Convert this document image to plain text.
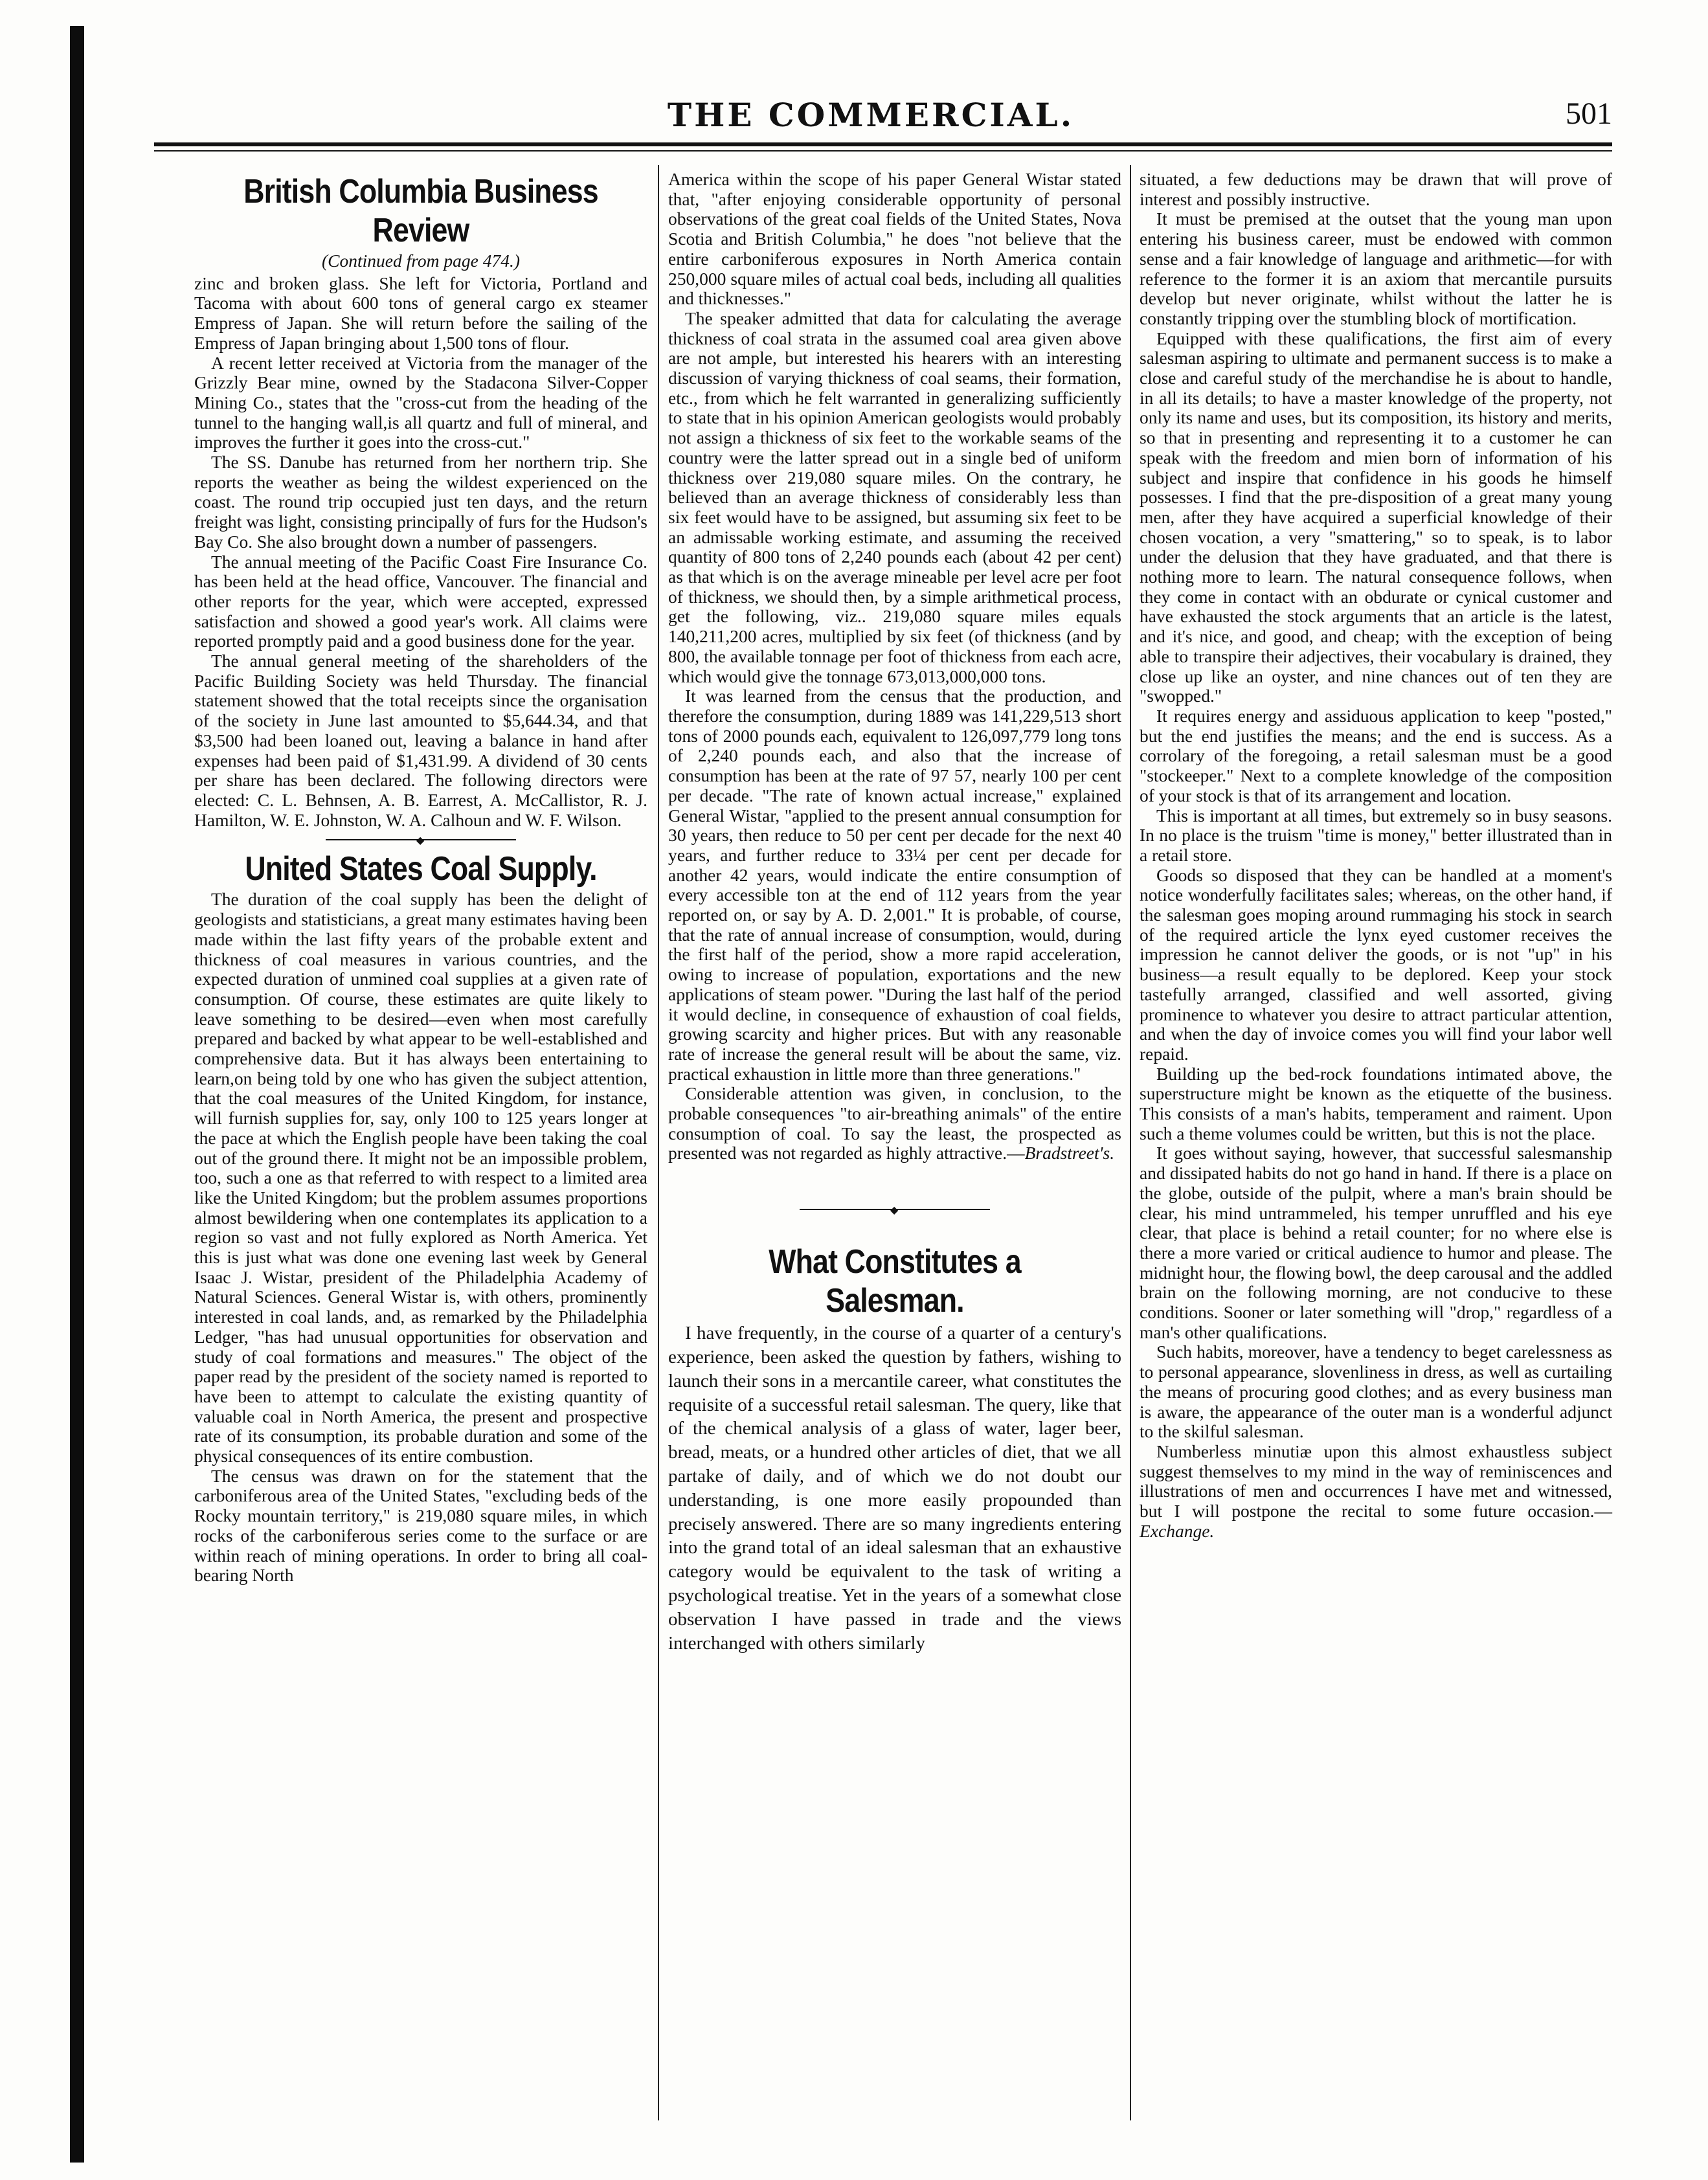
THE COMMERCIAL.	501
British Columbia Business Review
(Continued from page 474.)

zinc and broken glass. She left for Victoria, Portland and Tacoma with about 600 tons of general cargo ex steamer Empress of Japan. She will return before the sailing of the Empress of Japan bringing about 1,500 tons of flour.

A recent letter received at Victoria from the manager of the Grizzly Bear mine, owned by the Stadacona Silver-Copper Mining Co., states that the "cross-cut from the heading of the tunnel to the hanging wall,is all quartz and full of mineral, and improves the further it goes into the cross-cut."

The SS. Danube has returned from her northern trip. She reports the weather as being the wildest experienced on the coast. The round trip occupied just ten days, and the return freight was light, consisting principally of furs for the Hudson's Bay Co. She also brought down a number of passengers.

The annual meeting of the Pacific Coast Fire Insurance Co. has been held at the head office, Vancouver. The financial and other reports for the year, which were accepted, expressed satisfaction and showed a good year's work. All claims were reported promptly paid and a good business done for the year.

The annual general meeting of the shareholders of the Pacific Building Society was held Thursday. The financial statement showed that the total receipts since the organisation of the society in June last amounted to $5,644.34, and that $3,500 had been loaned out, leaving a balance in hand after expenses had been paid of $1,431.99. A dividend of 30 cents per share has been declared. The following directors were elected: C. L. Behnsen, A. B. Earrest, A. McCallistor, R. J. Hamilton, W. E. Johnston, W. A. Calhoun and W. F. Wilson.

◆
United States Coal Supply.

The duration of the coal supply has been the delight of geologists and statisticians, a great many estimates having been made within the last fifty years of the probable extent and thickness of coal measures in various countries, and the expected duration of unmined coal supplies at a given rate of consumption. Of course, these estimates are quite likely to leave something to be desired—even when most carefully prepared and backed by what appear to be well-established and comprehensive data. But it has always been entertaining to learn,on being told by one who has given the subject attention, that the coal measures of the United Kingdom, for instance, will furnish supplies for, say, only 100 to 125 years longer at the pace at which the English people have been taking the coal out of the ground there. It might not be an impossible problem, too, such a one as that referred to with respect to a limited area like the United Kingdom; but the problem assumes proportions almost bewildering when one contemplates its application to a region so vast and not fully explored as North America. Yet this is just what was done one evening last week by General Isaac J. Wistar, president of the Philadelphia Academy of Natural Sciences. General Wistar is, with others, prominently interested in coal lands, and, as remarked by the Philadelphia Ledger, "has had unusual opportunities for observation and study of coal formations and measures." The object of the paper read by the president of the society named is reported to have been to attempt to calculate the existing quantity of valuable coal in North America, the present and prospective rate of its consumption, its probable duration and some of the physical consequences of its entire combustion.

The census was drawn on for the statement that the carboniferous area of the United States, "excluding beds of the Rocky mountain territory," is 219,080 square miles, in which rocks of the carboniferous series come to the surface or are within reach of mining operations. In order to bring all coal-bearing North

America within the scope of his paper General Wistar stated that, "after enjoying considerable opportunity of personal observations of the great coal fields of the United States, Nova Scotia and British Columbia," he does "not believe that the entire carboniferous exposures in North America contain 250,000 square miles of actual coal beds, including all qualities and thicknesses."

The speaker admitted that data for calculating the average thickness of coal strata in the assumed coal area given above are not ample, but interested his hearers with an interesting discussion of varying thickness of coal seams, their formation, etc., from which he felt warranted in generalizing sufficiently to state that in his opinion American geologists would probably not assign a thickness of six feet to the workable seams of the country were the latter spread out in a single bed of uniform thickness over 219,080 square miles. On the contrary, he believed than an average thickness of considerably less than six feet would have to be assigned, but assuming six feet to be an admissable working estimate, and assuming the received quantity of 800 tons of 2,240 pounds each (about 42 per cent) as that which is on the average mineable per level acre per foot of thickness, we should then, by a simple arithmetical process, get the following, viz.. 219,080 square miles equals 140,211,200 acres, multiplied by six feet (of thickness (and by 800, the available tonnage per foot of thickness from each acre, which would give the tonnage 673,013,000,000 tons.

It was learned from the census that the production, and therefore the consumption, during 1889 was 141,229,513 short tons of 2000 pounds each, equivalent to 126,097,779 long tons of 2,240 pounds each, and also that the increase of consumption has been at the rate of 97 57, nearly 100 per cent per decade. "The rate of known actual increase," explained General Wistar, "applied to the present annual consumption for 30 years, then reduce to 50 per cent per decade for the next 40 years, and further reduce to 33¼ per cent per decade for another 42 years, would indicate the entire consumption of every accessible ton at the end of 112 years from the year reported on, or say by A. D. 2,001." It is probable, of course, that the rate of annual increase of consumption, would, during the first half of the period, show a more rapid acceleration, owing to increase of population, exportations and the new applications of steam power. "During the last half of the period it would decline, in consequence of exhaustion of coal fields, growing scarcity and higher prices. But with any reasonable rate of increase the general result will be about the same, viz. practical exhaustion in little more than three generations."

Considerable attention was given, in conclusion, to the probable consequences "to air-breathing animals" of the entire consumption of coal. To say the least, the prospected as presented was not regarded as highly attractive.—Bradstreet's.

◆
What Constitutes a Salesman.

I have frequently, in the course of a quarter of a century's experience, been asked the question by fathers, wishing to launch their sons in a mercantile career, what constitutes the requisite of a successful retail salesman. The query, like that of the chemical analysis of a glass of water, lager beer, bread, meats, or a hundred other articles of diet, that we all partake of daily, and of which we do not doubt our understanding, is one more easily propounded than precisely answered. There are so many ingredients entering into the grand total of an ideal salesman that an exhaustive category would be equivalent to the task of writing a psychological treatise. Yet in the years of a somewhat close observation I have passed in trade and the views interchanged with others similarly

situated, a few deductions may be drawn that will prove of interest and possibly instructive.

It must be premised at the outset that the young man upon entering his business career, must be endowed with common sense and a fair knowledge of language and arithmetic—for with reference to the former it is an axiom that mercantile pursuits develop but never originate, whilst without the latter he is constantly tripping over the stumbling block of mortification.

Equipped with these qualifications, the first aim of every salesman aspiring to ultimate and permanent success is to make a close and careful study of the merchandise he is about to handle, in all its details; to have a master knowledge of the property, not only its name and uses, but its composition, its history and merits, so that in presenting and representing it to a customer he can speak with the freedom and mien born of information of his subject and inspire that confidence in his goods he himself possesses. I find that the pre-disposition of a great many young men, after they have acquired a superficial knowledge of their chosen vocation, a very "smattering," so to speak, is to labor under the delusion that they have graduated, and that there is nothing more to learn. The natural consequence follows, when they come in contact with an obdurate or cynical customer and have exhausted the stock arguments that an article is the latest, and it's nice, and good, and cheap; with the exception of being able to transpire their adjectives, their vocabulary is drained, they close up like an oyster, and nine chances out of ten they are "swopped."

It requires energy and assiduous application to keep "posted," but the end justifies the means; and the end is success. As a corrolary of the foregoing, a retail salesman must be a good "stockeeper." Next to a complete knowledge of the composition of your stock is that of its arrangement and location.

This is important at all times, but extremely so in busy seasons. In no place is the truism "time is money," better illustrated than in a retail store.

Goods so disposed that they can be handled at a moment's notice wonderfully facilitates sales; whereas, on the other hand, if the salesman goes moping around rummaging his stock in search of the required article the lynx eyed customer receives the impression he cannot deliver the goods, or is not "up" in his business—a result equally to be deplored. Keep your stock tastefully arranged, classified and well assorted, giving prominence to whatever you desire to attract particular attention, and when the day of invoice comes you will find your labor well repaid.

Building up the bed-rock foundations intimated above, the superstructure might be known as the etiquette of the business. This consists of a man's habits, temperament and raiment. Upon such a theme volumes could be written, but this is not the place.

It goes without saying, however, that successful salesmanship and dissipated habits do not go hand in hand. If there is a place on the globe, outside of the pulpit, where a man's brain should be clear, his mind untrammeled, his temper unruffled and his eye clear, that place is behind a retail counter; for no where else is there a more varied or critical audience to humor and please. The midnight hour, the flowing bowl, the deep carousal and the addled brain on the following morning, are not conducive to these conditions. Sooner or later something will "drop," regardless of a man's other qualifications.

Such habits, moreover, have a tendency to beget carelessness as to personal appearance, slovenliness in dress, as well as curtailing the means of procuring good clothes; and as every business man is aware, the appearance of the outer man is a wonderful adjunct to the skilful salesman.

Numberless minutiæ upon this almost exhaustless subject suggest themselves to my mind in the way of reminiscences and illustrations of men and occurrences I have met and witnessed, but I will postpone the recital to some future occasion.—Exchange.
